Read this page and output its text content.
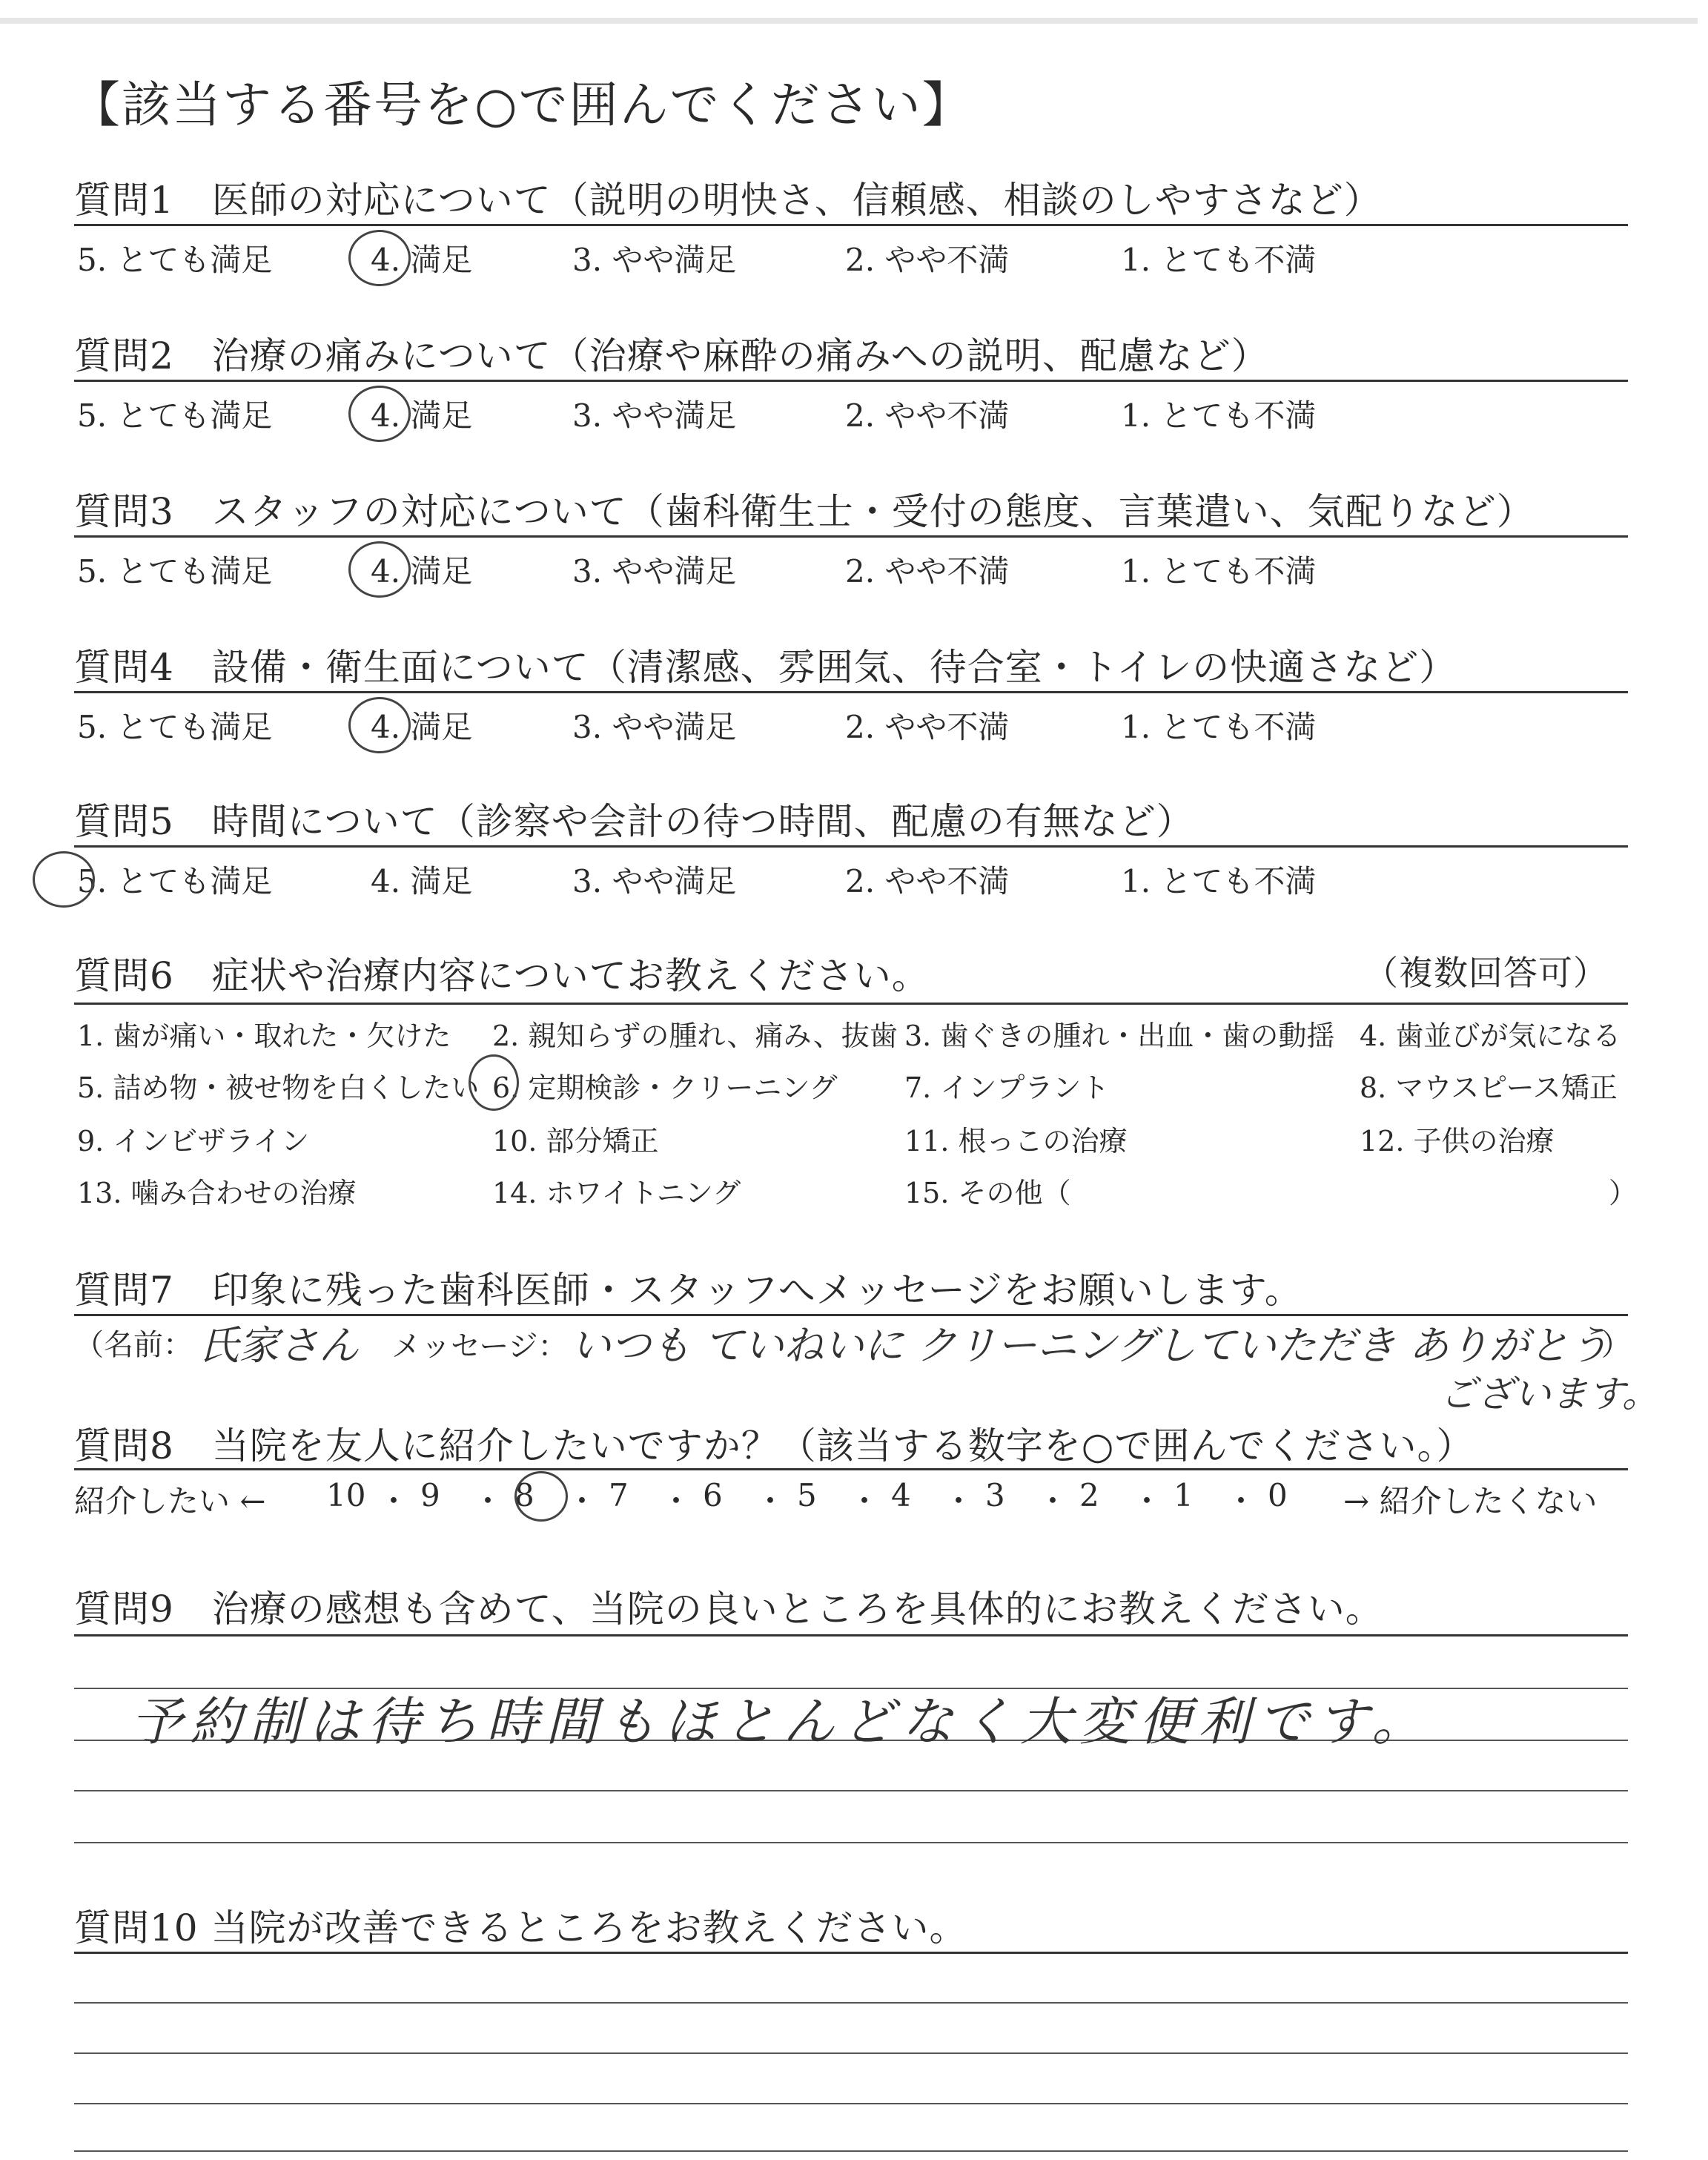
【該当する番号を○で囲んでください】
質問1　医師の対応について（説明の明快さ、信頼感、相談のしやすさなど）
5. とても満足	4. 満足	3. やや満足	2. やや不満	1. とても不満
質問2　治療の痛みについて（治療や麻酔の痛みへの説明、配慮など）
5. とても満足	4. 満足	3. やや満足	2. やや不満	1. とても不満
質問3　スタッフの対応について（歯科衛生士・受付の態度、言葉遣い、気配りなど）
5. とても満足	4. 満足	3. やや満足	2. やや不満	1. とても不満
質問4　設備・衛生面について（清潔感、雰囲気、待合室・トイレの快適さなど）
5. とても満足	4. 満足	3. やや満足	2. やや不満	1. とても不満
質問5　時間について（診察や会計の待つ時間、配慮の有無など）
5. とても満足	4. 満足	3. やや満足	2. やや不満	1. とても不満
質問6　症状や治療内容についてお教えください。	（複数回答可）
1. 歯が痛い・取れた・欠けた 2. 親知らずの腫れ、痛み、抜歯 3. 歯ぐきの腫れ・出血・歯の動揺 4. 歯並びが気になる
5. 詰め物・被せ物を白くしたい 6. 定期検診・クリーニング 7. インプラント	8. マウスピース矯正
9. インビザライン	10. 部分矯正	11. 根っこの治療	12. 子供の治療
13. 噛み合わせの治療	14. ホワイトニング	15. その他（	）
質問7　印象に残った歯科医師・スタッフへメッセージをお願いします。
（名前： 氏家さん メッセージ： いつも ていねいに クリーニングしていただき ありがとう
）
ございます。
質問8　当院を友人に紹介したいですか？（該当する数字を○で囲んでください。）
紹介したい ← 10 ・ 9 ・ 8 ・ 7 ・ 6 ・ 5 ・ 4 ・ 3 ・ 2 ・ 1 ・ 0 → 紹介したくない
質問9　治療の感想も含めて、当院の良いところを具体的にお教えください。
予約制は待ち時間もほとんどなく大変便利です。
質問10 当院が改善できるところをお教えください。
